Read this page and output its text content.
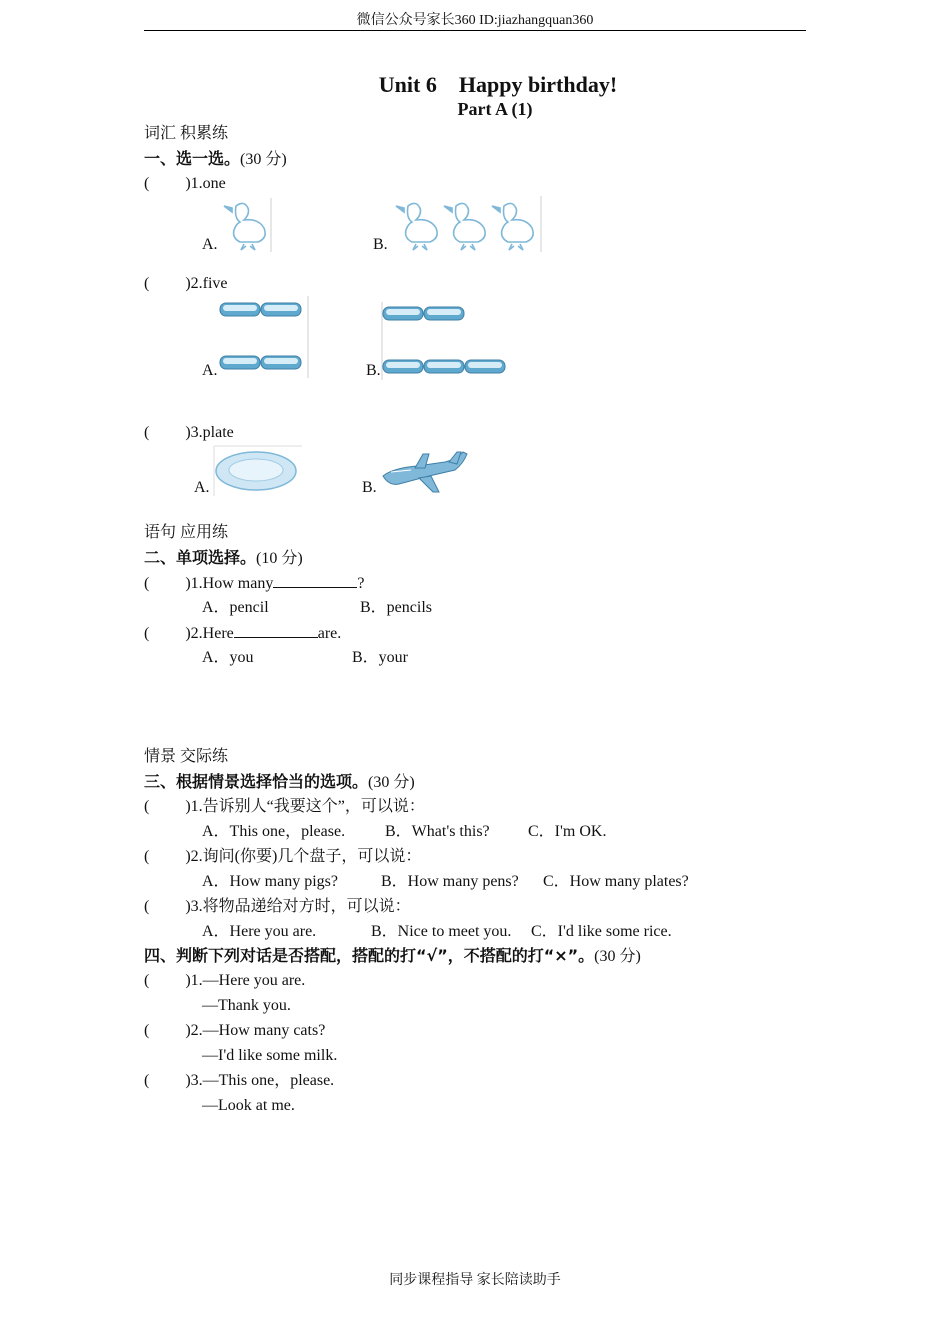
微信公众号家长360 ID:jiazhangquan360
Unit 6    Happy birthday!
Part A (1)
词汇 积累练
一、选一选。(30 分)
( )1.one
A.	B.
( )2.five
A.	B.
( )3.plate
A.	B.
语句 应用练
二、单项选择。(10 分)
( )1.How many	?
A．pencil	B．pencils
( )2.Here	are.
A．you	B．your
情景 交际练
三、根据情景选择恰当的选项。(30 分)
( )1.告诉别人“我要这个”，可以说：
A．This one，please. B．What's this? C．I'm OK.
( )2.询问(你要)几个盘子，可以说：
A．How many pigs?	B．How many pens? C．How many plates?
( )3.将物品递给对方时，可以说：
A．Here you are.	B．Nice to meet you. C．I'd like some rice.
四、判断下列对话是否搭配，搭配的打“√”，不搭配的打“×”。(30 分)
( )1.—Here you are.
—Thank you.
( )2.—How many cats?
—I'd like some milk.
( )3.—This one，please.
—Look at me.
同步课程指导 家长陪读助手
